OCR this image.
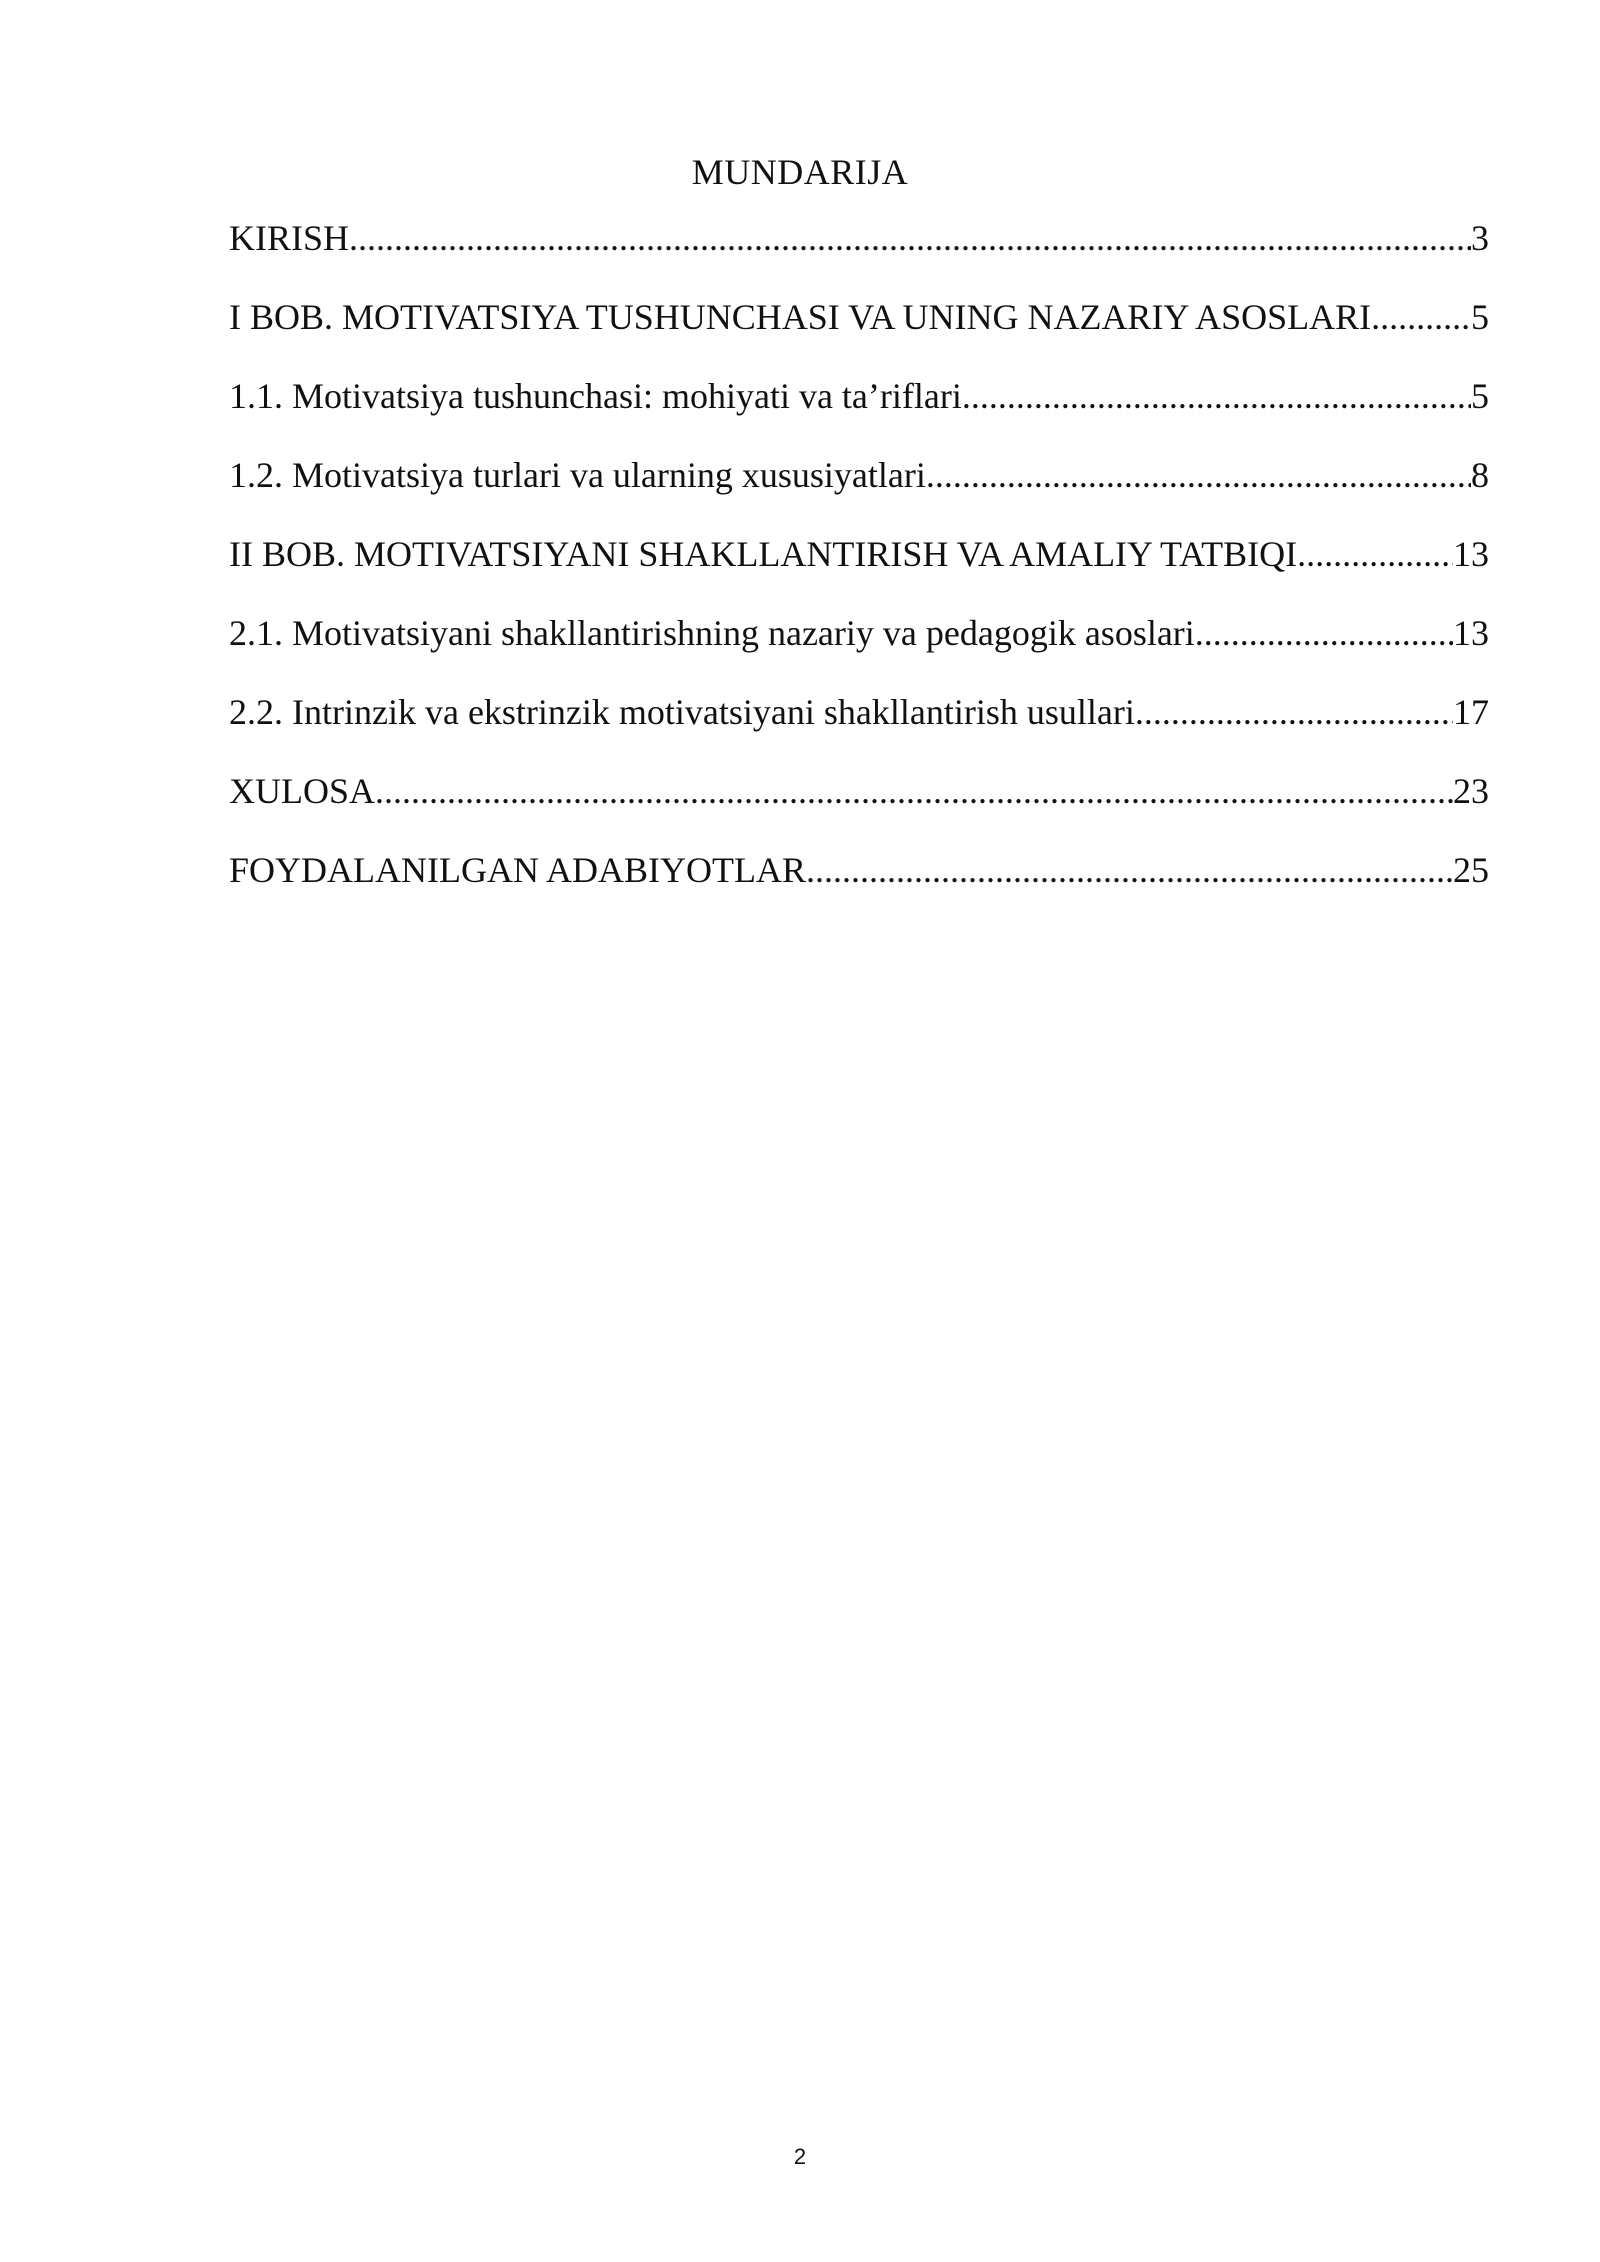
MUNDARIJA
KIRISH .....	3
I BOB. MOTIVATSIYA TUSHUNCHASI VA UNING NAZARIY ASOSLARI. .....	5
1.1. Motivatsiya tushunchasi: mohiyati va ta’riflari .....	5
1.2. Motivatsiya turlari va ularning xususiyatlari .....	8
II BOB. MOTIVATSIYANI SHAKLLANTIRISH VA AMALIY TATBIQI .....	13
2.1. Motivatsiyani shakllantirishning nazariy va pedagogik asoslari .....	13
2.2. Intrinzik va ekstrinzik motivatsiyani shakllantirish usullari .....	17
XULOSA .....	23
FOYDALANILGAN ADABIYOTLAR .....	25
2
